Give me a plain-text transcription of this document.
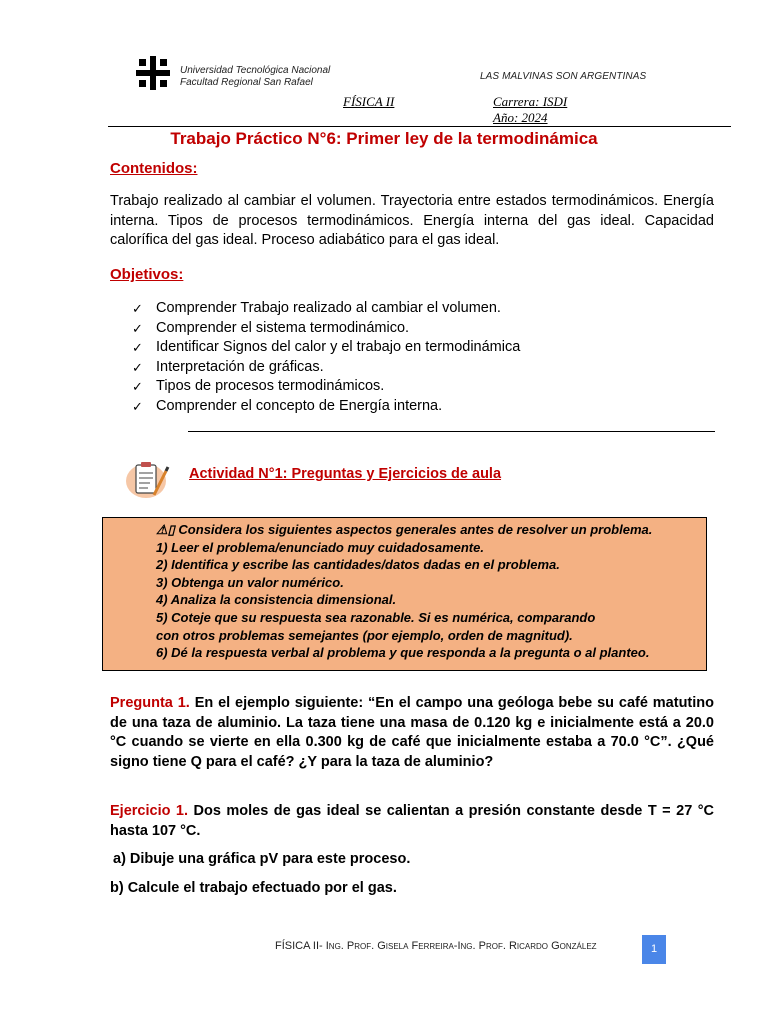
Universidad Tecnológica Nacional
Facultad Regional San Rafael
LAS MALVINAS SON ARGENTINAS
FÍSICA II	Carrera: ISDI
Año: 2024
Trabajo Práctico N°6: Primer ley de la termodinámica
Contenidos:
Trabajo realizado al cambiar el volumen. Trayectoria entre estados termodinámicos. Energía interna. Tipos de procesos termodinámicos. Energía interna del gas ideal. Capacidad calorífica del gas ideal. Proceso adiabático para el gas ideal.
Objetivos:
✓ Comprender Trabajo realizado al cambiar el volumen.
✓ Comprender el sistema termodinámico.
✓ Identificar Signos del calor y el trabajo en termodinámica
✓ Interpretación de gráficas.
✓ Tipos de procesos termodinámicos.
✓ Comprender el concepto de Energía interna.
Actividad N°1: Preguntas y Ejercicios de aula
⚠︎▯ Considera los siguientes aspectos generales antes de resolver un problema.
1) Leer el problema/enunciado muy cuidadosamente.
2) Identifica y escribe las cantidades/datos dadas en el problema.
3) Obtenga un valor numérico.
4) Analiza la consistencia dimensional.
5) Coteje que su respuesta sea razonable. Si es numérica, comparando
con otros problemas semejantes (por ejemplo, orden de magnitud).
6) Dé la respuesta verbal al problema y que responda a la pregunta o al planteo.
Pregunta 1. En el ejemplo siguiente: “En el campo una geóloga bebe su café matutino de una taza de aluminio. La taza tiene una masa de 0.120 kg e inicialmente está a 20.0 °C cuando se vierte en ella 0.300 kg de café que inicialmente estaba a 70.0 °C”. ¿Qué signo tiene Q para el café? ¿Y para la taza de aluminio?
Ejercicio 1. Dos moles de gas ideal se calientan a presión constante desde T = 27 °C hasta 107 °C.
a) Dibuje una gráfica pV para este proceso.
b) Calcule el trabajo efectuado por el gas.
FÍSICA II- Ing. Prof. Gisela Ferreira-Ing. Prof. Ricardo González	1
